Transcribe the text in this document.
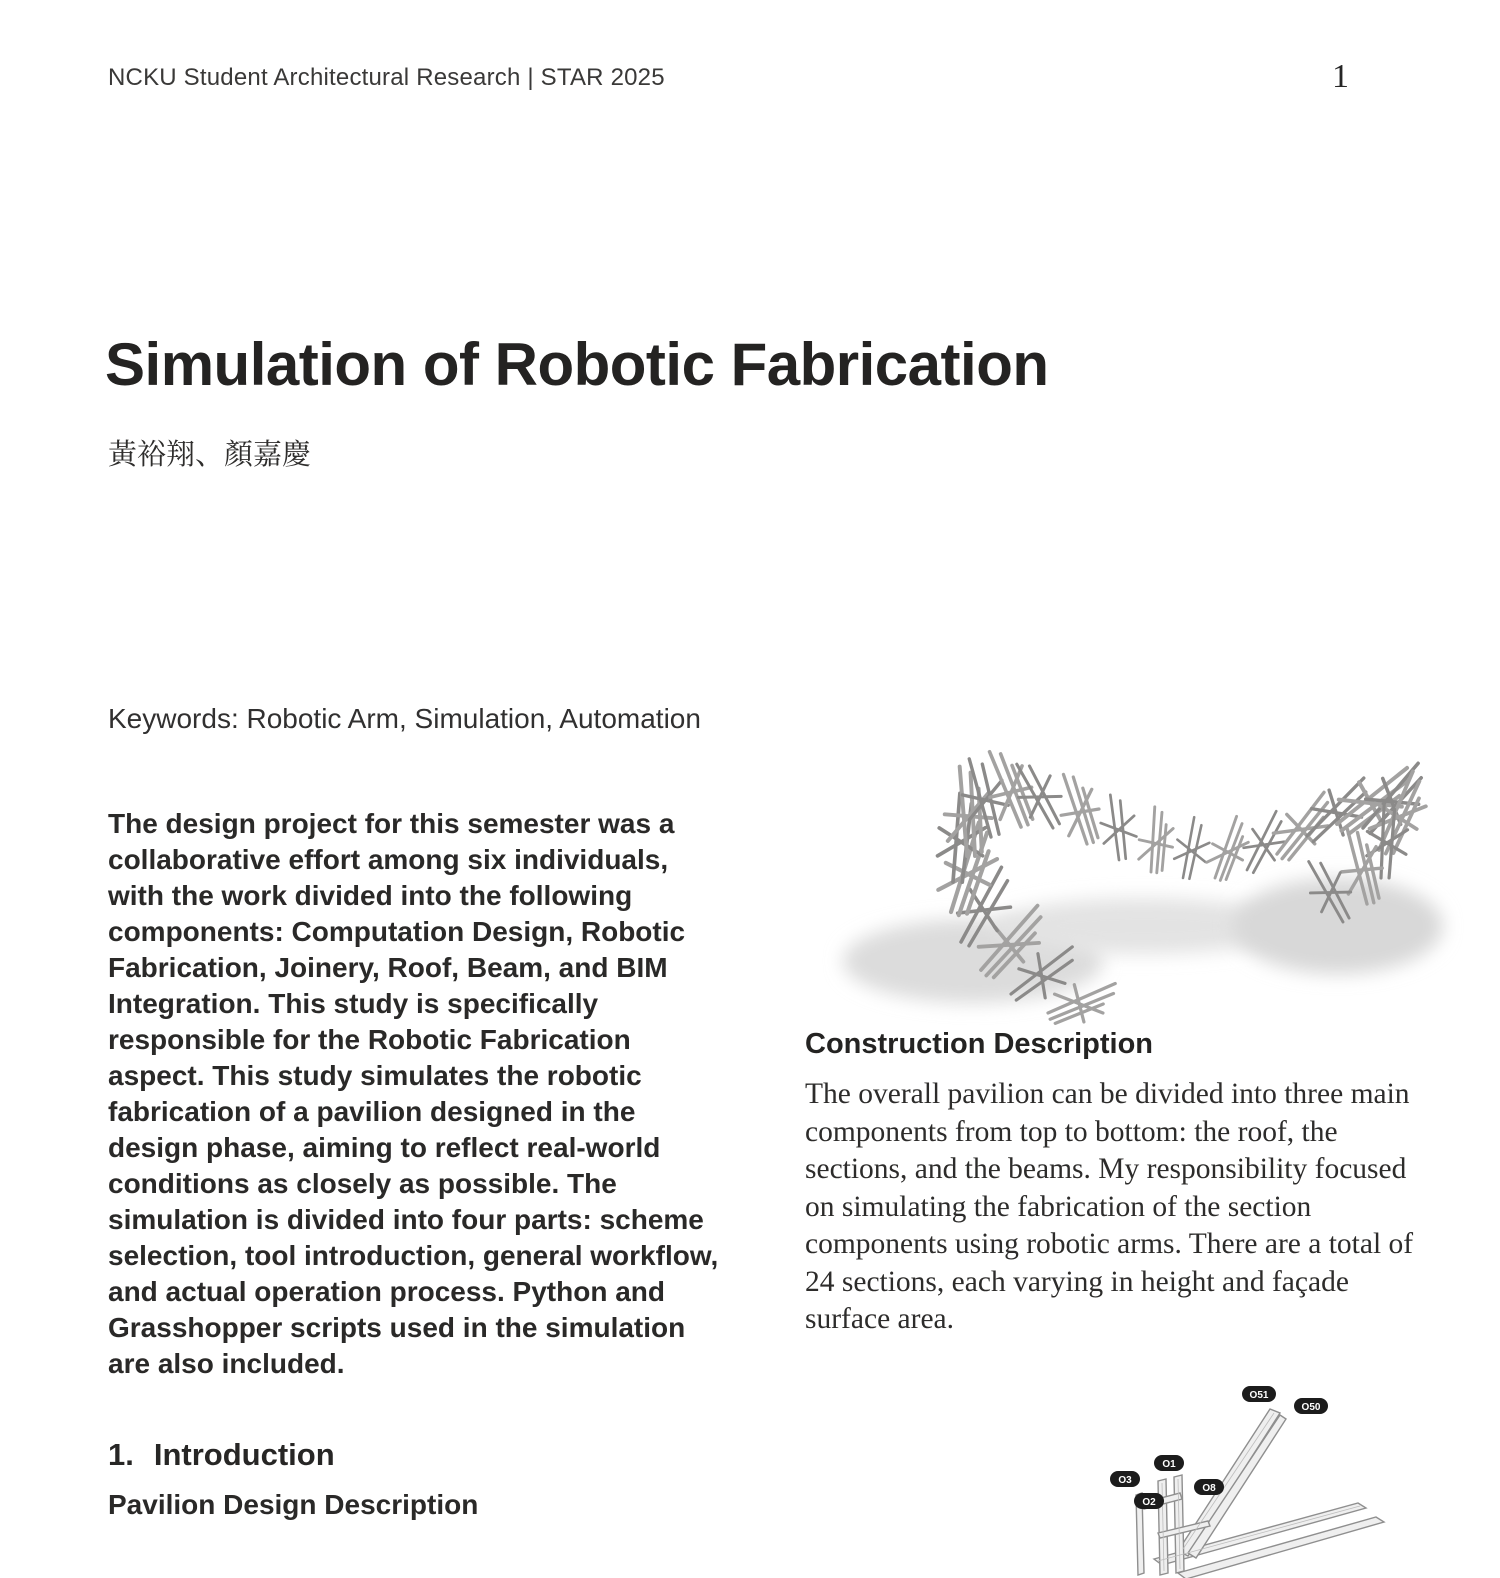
NCKU Student Architectural Research | STAR 2025	1
Simulation of Robotic Fabrication
黃裕翔、顏嘉慶

Keywords: Robotic Arm, Simulation, Automation

The design project for this semester was a collaborative effort among six individuals, with the work divided into the following components: Computation Design, Robotic Fabrication, Joinery, Roof, Beam, and BIM Integration. This study is specifically responsible for the Robotic Fabrication aspect. This study simulates the robotic fabrication of a pavilion designed in the design phase, aiming to reflect real-world conditions as closely as possible. The simulation is divided into four parts: scheme selection, tool introduction, general workflow, and actual operation process. Python and Grasshopper scripts used in the simulation are also included.

1. Introduction
Pavilion Design Description
Construction Description

The overall pavilion can be divided into three main components from top to bottom: the roof, the sections, and the beams. My responsibility focused on simulating the fabrication of the section components using robotic arms. There are a total of 24 sections, each varying in height and façade surface area.

O51
O50
O1
O3
O2
O8
